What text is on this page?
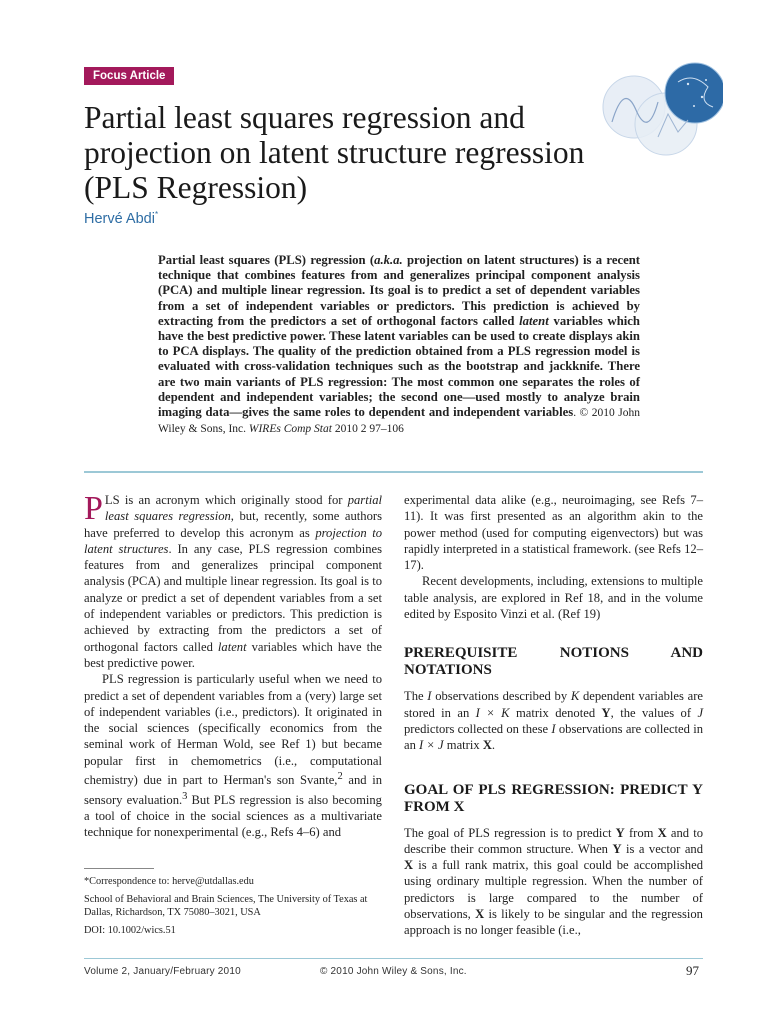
Focus Article
Partial least squares regression and projection on latent structure regression (PLS Regression)
Hervé Abdi*

Partial least squares (PLS) regression (a.k.a. projection on latent structures) is a recent technique that combines features from and generalizes principal component analysis (PCA) and multiple linear regression. Its goal is to predict a set of dependent variables from a set of independent variables or predictors. This prediction is achieved by extracting from the predictors a set of orthogonal factors called latent variables which have the best predictive power. These latent variables can be used to create displays akin to PCA displays. The quality of the prediction obtained from a PLS regression model is evaluated with cross-validation techniques such as the bootstrap and jackknife. There are two main variants of PLS regression: The most common one separates the roles of dependent and independent variables; the second one—used mostly to analyze brain imaging data—gives the same roles to dependent and independent variables. © 2010 John Wiley & Sons, Inc. WIREs Comp Stat 2010 2 97–106

PLS is an acronym which originally stood for partial least squares regression, but, recently, some authors have preferred to develop this acronym as projection to latent structures. In any case, PLS regression combines features from and generalizes principal component analysis (PCA) and multiple linear regression. Its goal is to analyze or predict a set of dependent variables from a set of independent variables or predictors. This prediction is achieved by extracting from the predictors a set of orthogonal factors called latent variables which have the best predictive power.

PLS regression is particularly useful when we need to predict a set of dependent variables from a (very) large set of independent variables (i.e., predictors). It originated in the social sciences (specifically economics from the seminal work of Herman Wold, see Ref 1) but became popular first in chemometrics (i.e., computational chemistry) due in part to Herman's son Svante,$^2$ and in sensory evaluation.$^3$ But PLS regression is also becoming a tool of choice in the social sciences as a multivariate technique for nonexperimental (e.g., Refs 4–6) and

*Correspondence to: herve@utdallas.edu

School of Behavioral and Brain Sciences, The University of Texas at Dallas, Richardson, TX 75080–3021, USA

DOI: 10.1002/wics.51

experimental data alike (e.g., neuroimaging, see Refs 7–11). It was first presented as an algorithm akin to the power method (used for computing eigenvectors) but was rapidly interpreted in a statistical framework. (see Refs 12–17).

Recent developments, including, extensions to multiple table analysis, are explored in Ref 18, and in the volume edited by Esposito Vinzi et al. (Ref 19)

PREREQUISITE NOTIONS AND NOTATIONS

The I observations described by K dependent variables are stored in an I × K matrix denoted Y, the values of J predictors collected on these I observations are collected in an I × J matrix X.

GOAL OF PLS REGRESSION: PREDICT Y FROM X

The goal of PLS regression is to predict Y from X and to describe their common structure. When Y is a vector and X is a full rank matrix, this goal could be accomplished using ordinary multiple regression. When the number of predictors is large compared to the number of observations, X is likely to be singular and the regression approach is no longer feasible (i.e.,

Volume 2, January/February 2010	© 2010 John Wiley & Sons, Inc.	97
